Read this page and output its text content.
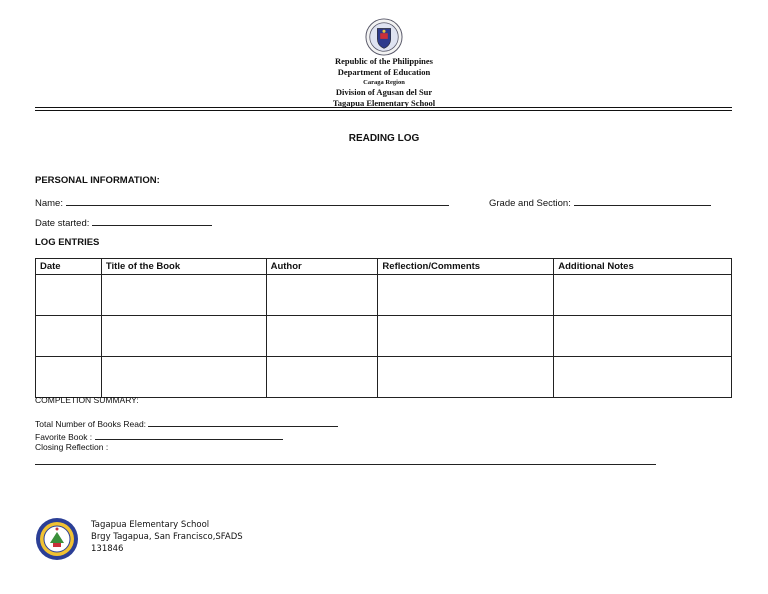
Republic of the Philippines
Department of Education
Caraga Region
Division of Agusan del Sur
Tagapua Elementary School
READING LOG
PERSONAL INFORMATION:
Name:	Grade and Section:
Date started:
LOG ENTRIES
Date	Title of the Book	Author	Reflection/Comments	Additional Notes

COMPLETION SUMMARY:
Total Number of Books Read:
Favorite Book :
Closing Reflection :
Tagapua Elementary School
Brgy Tagapua, San Francisco,SFADS
131846
